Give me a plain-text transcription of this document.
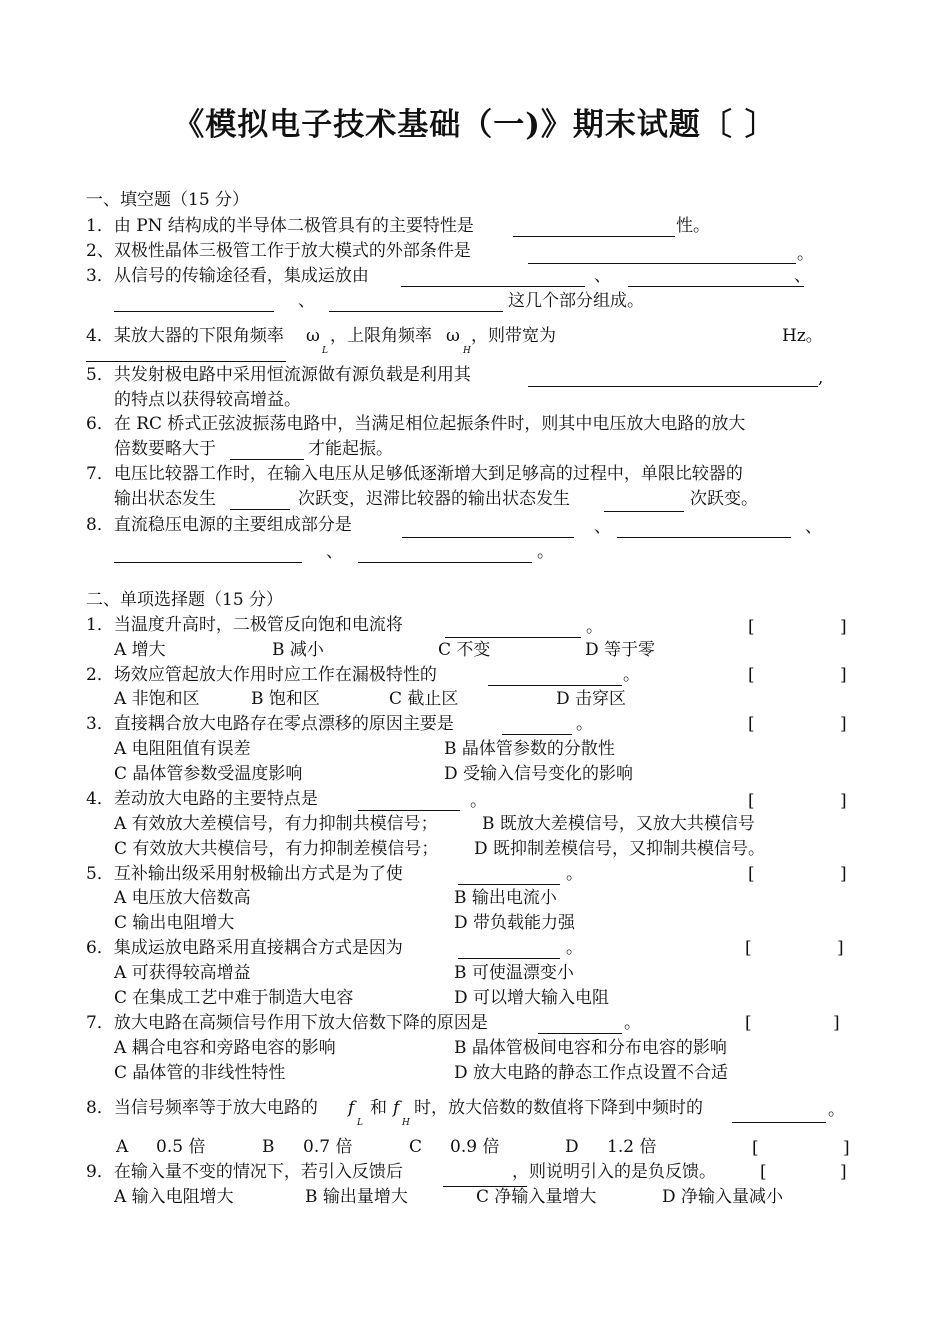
《模拟电子技术基础（一)》期末试题〔 〕
一、填空题（15 分）
1．由 PN 结构成的半导体二极管具有的主要特性是	性。
2、双极性晶体三极管工作于放大模式的外部条件是	。
3．从信号的传输途径看，集成运放由	、	、
、	这几个部分组成。
4．某放大器的下限角频率 ω
L
，上限角频率 ω
H
，则带宽为	Hz。
5．共发射极电路中采用恒流源做有源负载是利用其	,
的特点以获得较高增益。
6．在 RC 桥式正弦波振荡电路中，当满足相位起振条件时，则其中电压放大电路的放大
倍数要略大于	才能起振。
7．电压比较器工作时，在输入电压从足够低逐渐增大到足够高的过程中，单限比较器的
输出状态发生	次跃变，迟滞比较器的输出状态发生	次跃变。
8．直流稳压电源的主要组成部分是	、	、
、	。
二、单项选择题（15 分）
1．当温度升高时，二极管反向饱和电流将	。	[	]
A 增大	B 减小	C 不变	D 等于零
2．场效应管起放大作用时应工作在漏极特性的	。	[	]
A 非饱和区	B 饱和区	C 截止区	D 击穿区
3．直接耦合放大电路存在零点漂移的原因主要是	。	[	]
A 电阻阻值有误差	B 晶体管参数的分散性
C 晶体管参数受温度影响	D 受输入信号变化的影响
4．差动放大电路的主要特点是	。	[	]
A 有效放大差模信号，有力抑制共模信号；	B 既放大差模信号，又放大共模信号
C 有效放大共模信号，有力抑制差模信号； D 既抑制差模信号，又抑制共模信号。
5．互补输出级采用射极输出方式是为了使	。	[	]
A 电压放大倍数高	B 输出电流小
C 输出电阻增大	D 带负载能力强
6．集成运放电路采用直接耦合方式是因为	。	[	]
A 可获得较高增益	B 可使温漂变小
C 在集成工艺中难于制造大电容	D 可以增大输入电阻
7．放大电路在高频信号作用下放大倍数下降的原因是	。	[	]
A 耦合电容和旁路电容的影响	B 晶体管极间电容和分布电容的影响
C 晶体管的非线性特性	D 放大电路的静态工作点设置不合适
8．当信号频率等于放大电路的 f
L
和 f
H
时，放大倍数的数值将下降到中频时的	。
A 0.5 倍	B 0.7 倍	C 0.9 倍	D 1.2 倍	[	]
9．在输入量不变的情况下，若引入反馈后	，则说明引入的是负反馈。	[	]
A 输入电阻增大	B 输出量增大	C 净输入量增大	D 净输入量减小
